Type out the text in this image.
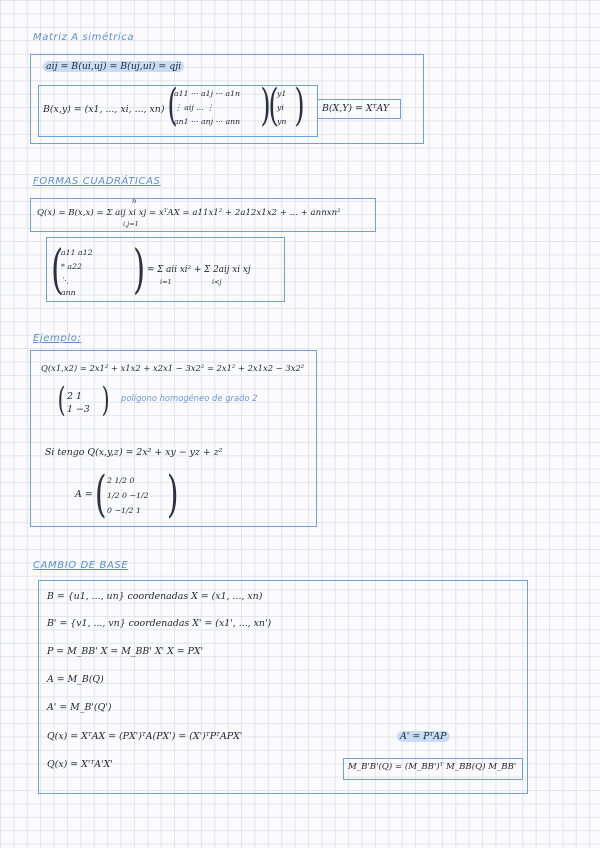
Matriz A simétrica
aij = B(ui,uj) = B(uj,ui) = qji
B(x,y) = (x1, ..., xi, ..., xn) (
a11 ··· a1j ··· a1n
⋮ aij ... ⋮
an1 ··· anj ··· ann )
(
y1
yi
yn ) B(X,Y) = XᵀAY
FORMAS CUADRÁTICAS
Q(x) = B(x,x) = Σ aij xi xj = xᵀAX = a11x1² + 2a12x1x2 + ... + annxn²
n
i,j=1
(
a11 a12
* a22
⋱
ann ) = Σ aii xi² + Σ 2aij xi xj
i=1	i<j
Ejemplo:
Q(x1,x2) = 2x1² + x1x2 + x2x1 − 3x2² = 2x1² + 2x1x2 − 3x2²
( 2 1
1 −3 ) polígono homogéneo de grado 2
Si tengo Q(x,y,z) = 2x² + xy − yz + z²
A = ( 2 1/2 0
1/2 0 −1/2
0 −1/2 1 )
CAMBIO DE BASE
B = {u1, ..., un} coordenadas X = (x1, ..., xn)
B' = {v1, ..., vn} coordenadas X' = (x1', ..., xn')
P = M_BB' X = M_BB' X' X = PX'
A = M_B(Q)
A' = M_B'(Q')
Q(x) = XᵀAX = (PX')ᵀA(PX') = (X')ᵀPᵀAPX'
Q(x) = X'ᵀA'X'
A' = PᵀAP
M_B'B'(Q) = (M_BB')ᵀ M_BB(Q) M_BB'
